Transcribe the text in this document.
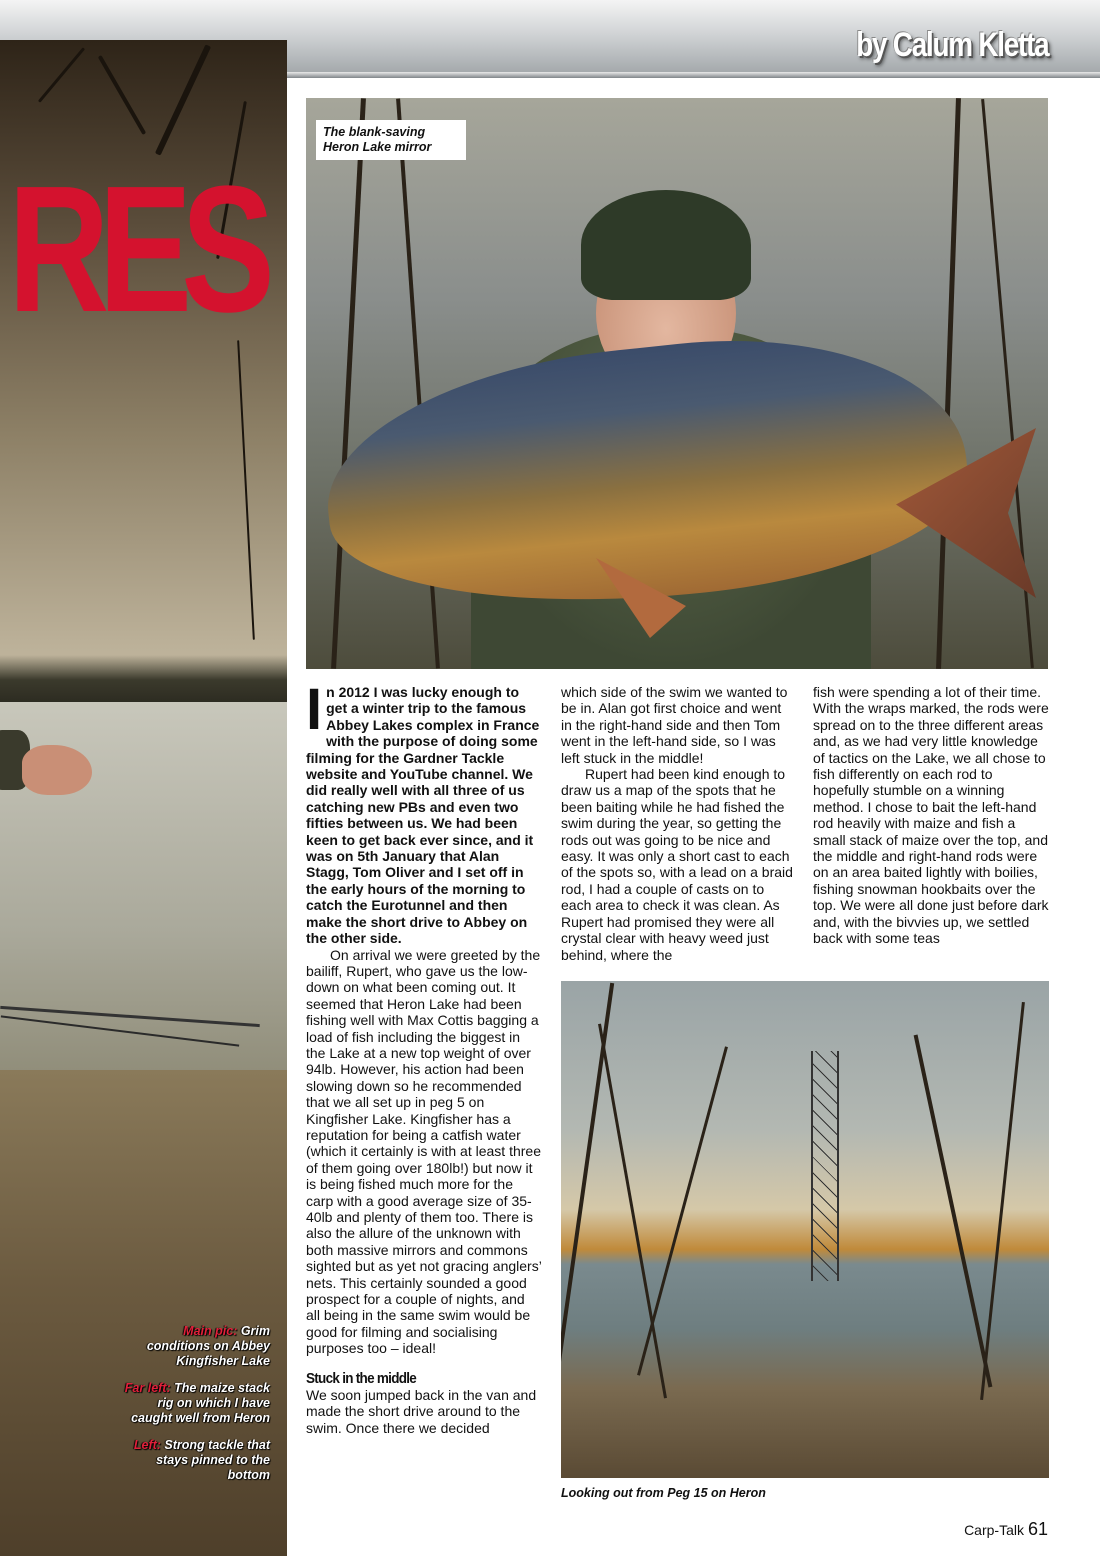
by Calum Kletta
RES

Main pic: Grim conditions on Abbey Kingfisher Lake

Far left: The maize stack rig on which I have caught well from Heron

Left: Strong tackle that stays pinned to the bottom

The blank-saving Heron Lake mirror

In 2012 I was lucky enough to get a winter trip to the famous Abbey Lakes complex in France with the purpose of doing some filming for the Gardner Tackle website and YouTube channel. We did really well with all three of us catching new PBs and even two fifties between us. We had been keen to get back ever since, and it was on 5th January that Alan Stagg, Tom Oliver and I set off in the early hours of the morning to catch the Eurotunnel and then make the short drive to Abbey on the other side.

On arrival we were greeted by the bailiff, Rupert, who gave us the low-down on what been coming out. It seemed that Heron Lake had been fishing well with Max Cottis bagging a load of fish including the biggest in the Lake at a new top weight of over 94lb. However, his action had been slowing down so he recommended that we all set up in peg 5 on Kingfisher Lake. Kingfisher has a reputation for being a catfish water (which it certainly is with at least three of them going over 180lb!) but now it is being fished much more for the carp with a good average size of 35-40lb and plenty of them too. There is also the allure of the unknown with both massive mirrors and commons sighted but as yet not gracing anglers’ nets. This certainly sounded a good prospect for a couple of nights, and all being in the same swim would be good for filming and socialising purposes too – ideal!

Stuck in the middle

We soon jumped back in the van and made the short drive around to the swim. Once there we decided

which side of the swim we wanted to be in. Alan got first choice and went in the right-hand side and then Tom went in the left-hand side, so I was left stuck in the middle!

Rupert had been kind enough to draw us a map of the spots that he been baiting while he had fished the swim during the year, so getting the rods out was going to be nice and easy. It was only a short cast to each of the spots so, with a lead on a braid rod, I had a couple of casts on to each area to check it was clean. As Rupert had promised they were all crystal clear with heavy weed just behind, where the

fish were spending a lot of their time. With the wraps marked, the rods were spread on to the three different areas and, as we had very little knowledge of tactics on the Lake, we all chose to fish differently on each rod to hopefully stumble on a winning method. I chose to bait the left-hand rod heavily with maize and fish a small stack of maize over the top, and the middle and right-hand rods were on an area baited lightly with boilies, fishing snowman hookbaits over the top. We were all done just before dark and, with the bivvies up, we settled back with some teas

Looking out from Peg 15 on Heron
Carp-Talk 61
